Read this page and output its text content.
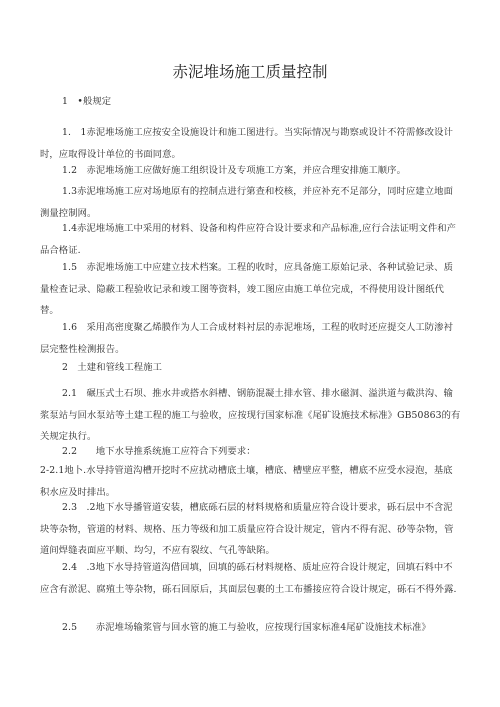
赤泥堆场施工质量控制

1　•般规定

1.　1赤泥堆场施工应按安全设施设计和施工图进行。当实际情况与勘察或设计不符需修改设计时，应取得设计单位的书面同意。

1.2　赤泥堆场施工应做好施工组织设计及专项施工方案，并应合理安排施工顺序。

1.3赤泥堆场施工应对场地原有的控制点进行第查和校核，并应补充不足部分，同时应建立地面测量控制网。

1.4赤泥堆场施工中采用的材料、设备和构件应符合设计要求和产品标准,应行合法证明文件和产品合格证.

1.5　赤泥堆场施工中应建立技术档案。工程的收时，应具备施工原始记录、各种试验记录、质量检查记录、隐蔽工程验收记录和竣工图等资料，竣工图应由施工单位完成，不得使用设计图纸代替。

1.6　采用高密度聚乙烯膜作为人工合成材料衬层的赤泥堆场，工程的收时还应提交人工防渗衬层完整性检测报告。

2　土建和管线工程施工

2.1　碾压式土石坝、推水井或搭水斜槽、钢筋混凝土排水管、排水磁洞、溢洪道与截洪沟、输浆泵站与回水泵站等土建工程的施工与验收，应按现行国家标准《尾矿设施技术标准》GB50863的有关规定执行。

2.2　　地下水导推系统施工应符合下列要求：

2-2.1地卜.水导持管道沟槽开挖时不应扰动槽底土壤，槽底、槽壁应平整，槽底不应受水浸泡，基底积水应及时排出。

2.3　.2地下水导播管道安装，槽底砾石层的材料规格和质量应符合设计要求，砾石层中不含泥块等杂物，管道的材料、规格、压力等级和加工质量应符合设计规定，管内不得有泥、砂等杂物，管道间焊缝表面应平顺、均匀，不应有裂纹、气孔等缺陷。

2.4　.3地下水导持管道沟借回填，回填的砾石材料规格、质址应符合设计规定，回填石料中不应含有淤泥、腐殖土等杂物，砾石回原后，其面层包裹的土工布播接应符合设计规定，砾石不得外露.

2.5　　赤泥堆场输浆管与回水管的施工与验收，应按现行国家标准4尾矿设施技术标准》
